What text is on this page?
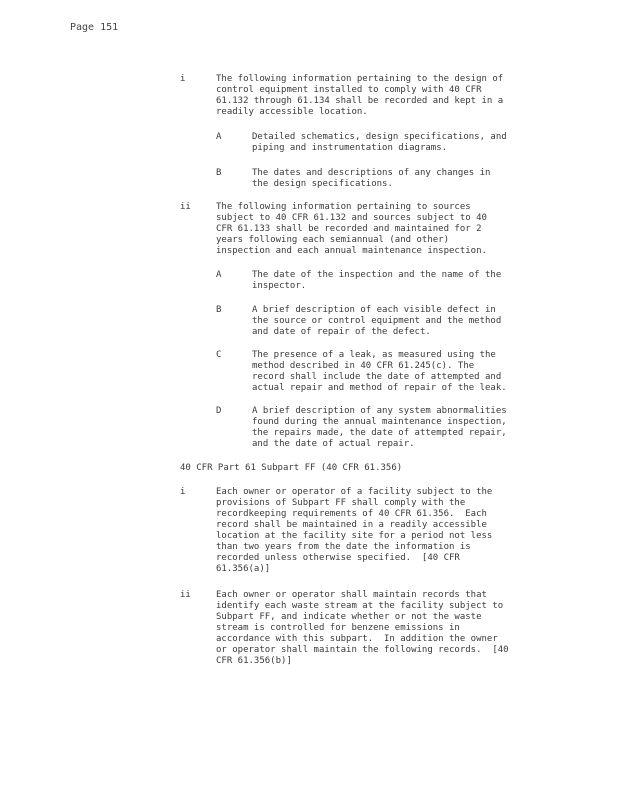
Page 151
i	The following information pertaining to the design of
control equipment installed to comply with 40 CFR
61.132 through 61.134 shall be recorded and kept in a
readily accessible location.
A	Detailed schematics, design specifications, and
piping and instrumentation diagrams.
B	The dates and descriptions of any changes in
the design specifications.
ii	The following information pertaining to sources
subject to 40 CFR 61.132 and sources subject to 40
CFR 61.133 shall be recorded and maintained for 2
years following each semiannual (and other)
inspection and each annual maintenance inspection.
A	The date of the inspection and the name of the
inspector.
B	A brief description of each visible defect in
the source or control equipment and the method
and date of repair of the defect.
C	The presence of a leak, as measured using the
method described in 40 CFR 61.245(c). The
record shall include the date of attempted and
actual repair and method of repair of the leak.
D	A brief description of any system abnormalities
found during the annual maintenance inspection,
the repairs made, the date of attempted repair,
and the date of actual repair.
40 CFR Part 61 Subpart FF (40 CFR 61.356)
i	Each owner or operator of a facility subject to the
provisions of Subpart FF shall comply with the
recordkeeping requirements of 40 CFR 61.356.  Each
record shall be maintained in a readily accessible
location at the facility site for a period not less
than two years from the date the information is
recorded unless otherwise specified.  [40 CFR
61.356(a)]
ii	Each owner or operator shall maintain records that
identify each waste stream at the facility subject to
Subpart FF, and indicate whether or not the waste
stream is controlled for benzene emissions in
accordance with this subpart.  In addition the owner
or operator shall maintain the following records.  [40
CFR 61.356(b)]
